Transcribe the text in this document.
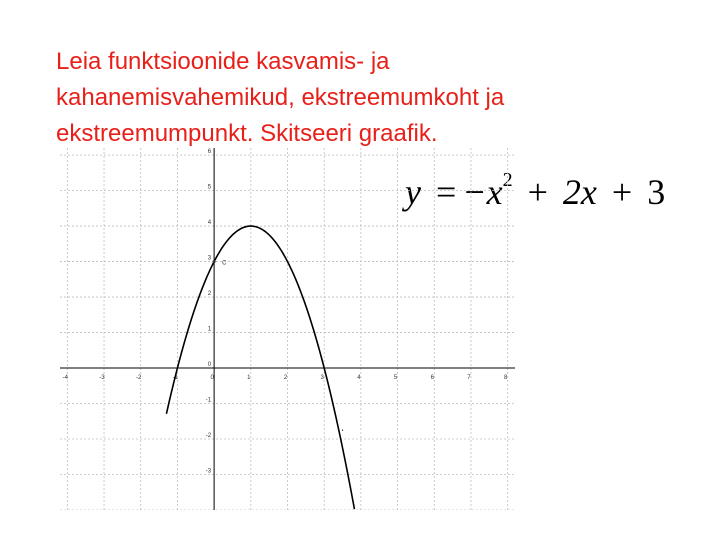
Leia funktsioonide kasvamis- ja
kahanemisvahemikud, ekstreemumkoht ja
ekstreemumpunkt. Skitseeri graafik.
$y = -x^2 + 2x + 3$
-4	-3	-2	-1	0	1	2	3	4	5	6	7	8
-3
-2
-1
0
1
2
3
4
5
6
C
